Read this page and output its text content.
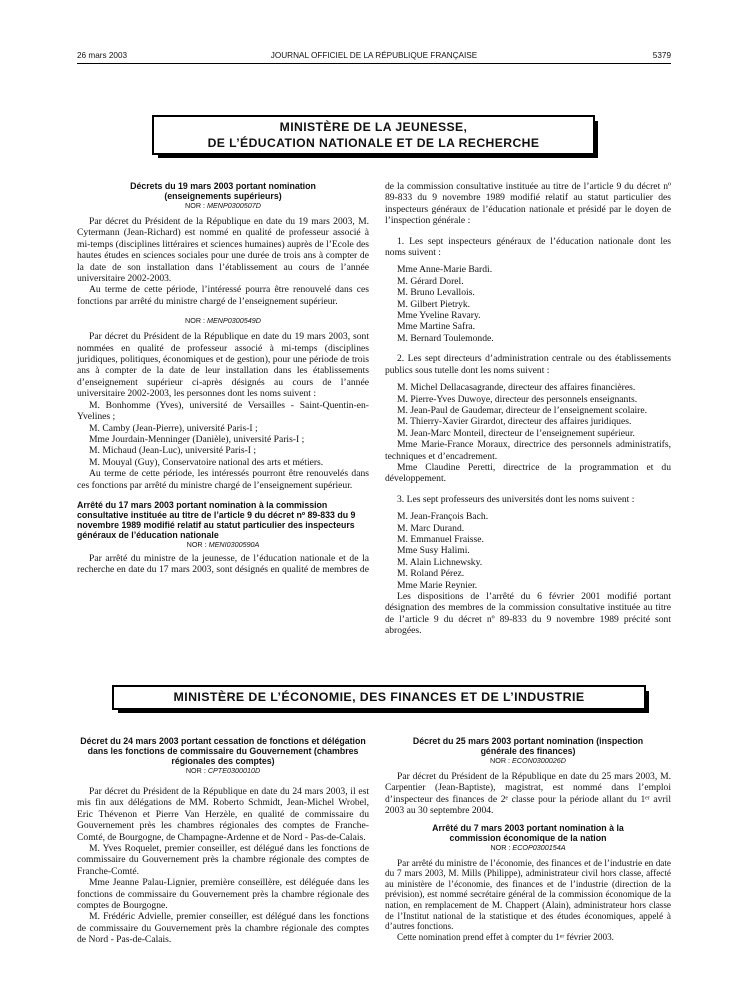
26 mars 2003	JOURNAL OFFICIEL DE LA RÉPUBLIQUE FRANÇAISE	5379
MINISTÈRE DE LA JEUNESSE,
DE L’ÉDUCATION NATIONALE ET DE LA RECHERCHE
Décrets du 19 mars 2003 portant nomination (enseignements supérieurs)
NOR : MENP0300507D

Par décret du Président de la République en date du 19 mars 2003, M. Cytermann (Jean-Richard) est nommé en qualité de professeur associé à mi-temps (disciplines littéraires et sciences humaines) auprès de l’Ecole des hautes études en sciences sociales pour une durée de trois ans à compter de la date de son installation dans l’établissement au cours de l’année universitaire 2002-2003.

Au terme de cette période, l’intéressé pourra être renouvelé dans ces fonctions par arrêté du ministre chargé de l’enseignement supérieur.

NOR : MENP0300549D

Par décret du Président de la République en date du 19 mars 2003, sont nommées en qualité de professeur associé à mi-temps (disciplines juridiques, politiques, économiques et de gestion), pour une période de trois ans à compter de la date de leur installation dans les établissements d’enseignement supérieur ci-après désignés au cours de l’année universitaire 2002-2003, les personnes dont les noms suivent :

M. Bonhomme (Yves), université de Versailles - Saint-Quentin-en-Yvelines ;

M. Camby (Jean-Pierre), université Paris-I ;

Mme Jourdain-Menninger (Danièle), université Paris-I ;

M. Michaud (Jean-Luc), université Paris-I ;

M. Mouyal (Guy), Conservatoire national des arts et métiers.

Au terme de cette période, les intéressés pourront être renouvelés dans ces fonctions par arrêté du ministre chargé de l’enseignement supérieur.

Arrêté du 17 mars 2003 portant nomination à la commission consultative instituée au titre de l’article 9 du décret nº 89-833 du 9 novembre 1989 modifié relatif au statut particulier des inspecteurs généraux de l’éducation nationale
NOR : MENI0300590A

Par arrêté du ministre de la jeunesse, de l’éducation nationale et de la recherche en date du 17 mars 2003, sont désignés en qualité de membres de

de la commission consultative instituée au titre de l’article 9 du décret nº 89-833 du 9 novembre 1989 modifié relatif au statut particulier des inspecteurs généraux de l’éducation nationale et présidé par le doyen de l’inspection générale :

1. Les sept inspecteurs généraux de l’éducation nationale dont les noms suivent :

Mme Anne-Marie Bardi.

M. Gérard Dorel.

M. Bruno Levallois.

M. Gilbert Pietryk.

Mme Yveline Ravary.

Mme Martine Safra.

M. Bernard Toulemonde.

2. Les sept directeurs d’administration centrale ou des établissements publics sous tutelle dont les noms suivent :

M. Michel Dellacasagrande, directeur des affaires financières.

M. Pierre-Yves Duwoye, directeur des personnels enseignants.

M. Jean-Paul de Gaudemar, directeur de l’enseignement scolaire.

M. Thierry-Xavier Girardot, directeur des affaires juridiques.

M. Jean-Marc Monteil, directeur de l’enseignement supérieur.

Mme Marie-France Moraux, directrice des personnels administratifs, techniques et d’encadrement.

Mme Claudine Peretti, directrice de la programmation et du développement.

3. Les sept professeurs des universités dont les noms suivent :

M. Jean-François Bach.

M. Marc Durand.

M. Emmanuel Fraisse.

Mme Susy Halimi.

M. Alain Lichnewsky.

M. Roland Pérez.

Mme Marie Reynier.

Les dispositions de l’arrêté du 6 février 2001 modifié portant désignation des membres de la commission consultative instituée au titre de l’article 9 du décret nº 89-833 du 9 novembre 1989 précité sont abrogées.

MINISTÈRE DE L’ÉCONOMIE, DES FINANCES ET DE L’INDUSTRIE
Décret du 24 mars 2003 portant cessation de fonctions et délégation dans les fonctions de commissaire du Gouvernement (chambres régionales des comptes)
NOR : CPTE0300010D

Par décret du Président de la République en date du 24 mars 2003, il est mis fin aux délégations de MM. Roberto Schmidt, Jean-Michel Wrobel, Eric Thévenon et Pierre Van Herzèle, en qualité de commissaire du Gouvernement près les chambres régionales des comptes de Franche-Comté, de Bourgogne, de Champagne-Ardenne et de Nord - Pas-de-Calais.

M. Yves Roquelet, premier conseiller, est délégué dans les fonctions de commissaire du Gouvernement près la chambre régionale des comptes de Franche-Comté.

Mme Jeanne Palau-Lignier, première conseillère, est déléguée dans les fonctions de commissaire du Gouvernement près la chambre régionale des comptes de Bourgogne.

M. Frédéric Advielle, premier conseiller, est délégué dans les fonctions de commissaire du Gouvernement près la chambre régionale des comptes de Nord - Pas-de-Calais.

Décret du 25 mars 2003 portant nomination (inspection générale des finances)
NOR : ECON0300026D

Par décret du Président de la République en date du 25 mars 2003, M. Carpentier (Jean-Baptiste), magistrat, est nommé dans l’emploi d’inspecteur des finances de 2ᵉ classe pour la période allant du 1ᵉʳ avril 2003 au 30 septembre 2004.

Arrêté du 7 mars 2003 portant nomination à la commission économique de la nation
NOR : ECOP0300154A

Par arrêté du ministre de l’économie, des finances et de l’industrie en date du 7 mars 2003, M. Mills (Philippe), administrateur civil hors classe, affecté au ministère de l’économie, des finances et de l’industrie (direction de la prévision), est nommé secrétaire général de la commission économique de la nation, en remplacement de M. Chappert (Alain), administrateur hors classe de l’Institut national de la statistique et des études économiques, appelé à d’autres fonctions.

Cette nomination prend effet à compter du 1ᵉʳ février 2003.
